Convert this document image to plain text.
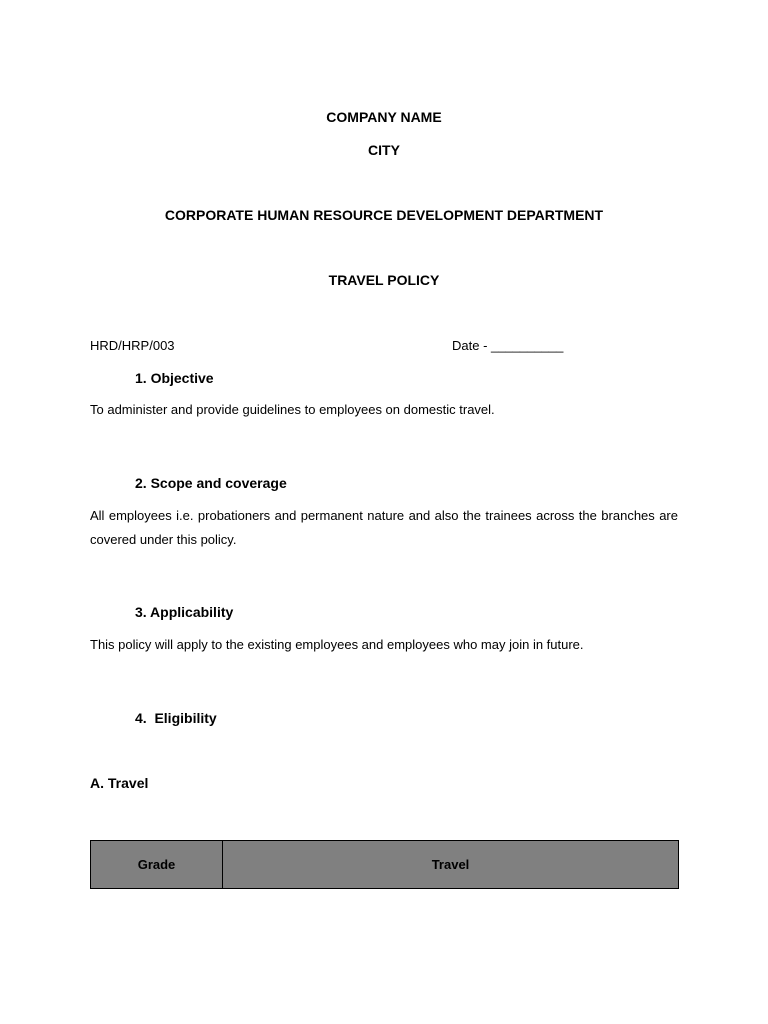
COMPANY NAME
CITY
CORPORATE HUMAN RESOURCE DEVELOPMENT DEPARTMENT
TRAVEL POLICY
HRD/HRP/003	Date - __________
1. Objective
To administer and provide guidelines to employees on domestic travel.
2. Scope and coverage
All employees i.e. probationers and permanent nature and also the trainees across the branches are covered under this policy.
3. Applicability
This policy will apply to the existing employees and employees who may join in future.
4.  Eligibility
A. Travel
Grade	Travel
